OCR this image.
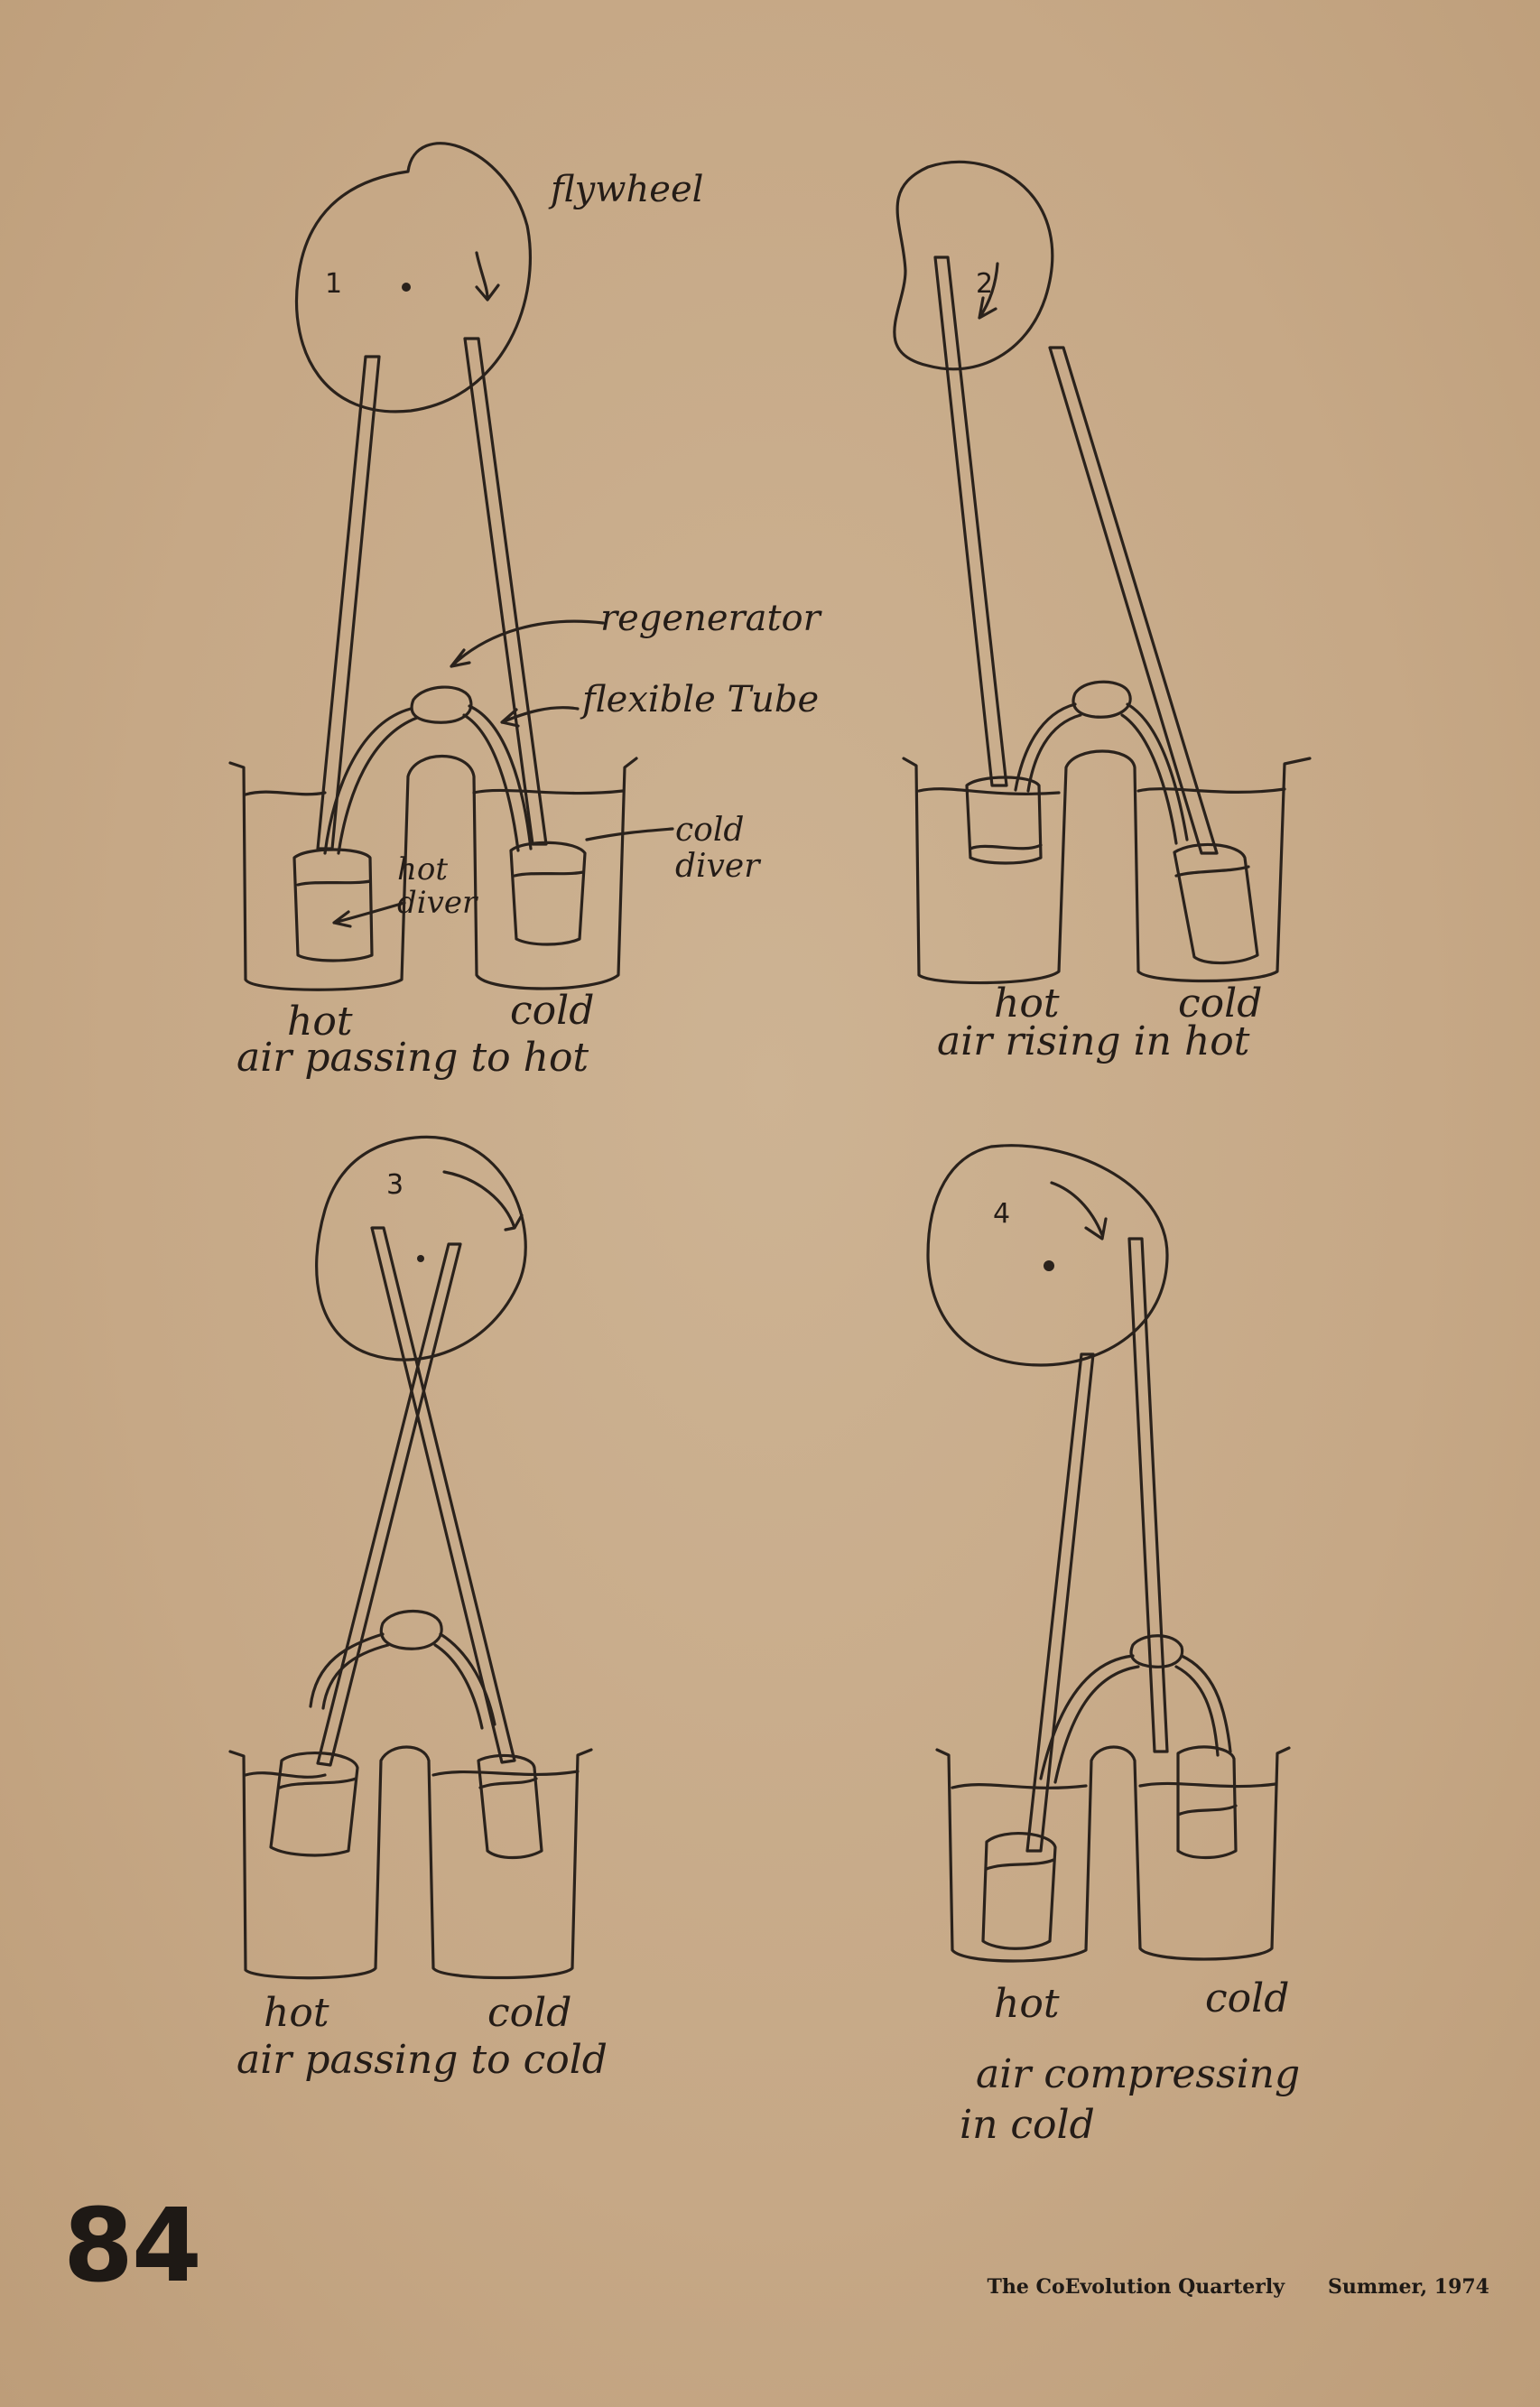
1
flywheel
regenerator
flexible Tube
cold diver
hot diver
hot	cold
air passing to hot
2
hot	cold
air rising in hot
3
hot	cold
air passing to cold
4
hot	cold
air compressing
in cold
84	The CoEvolution Quarterly Summer, 1974
